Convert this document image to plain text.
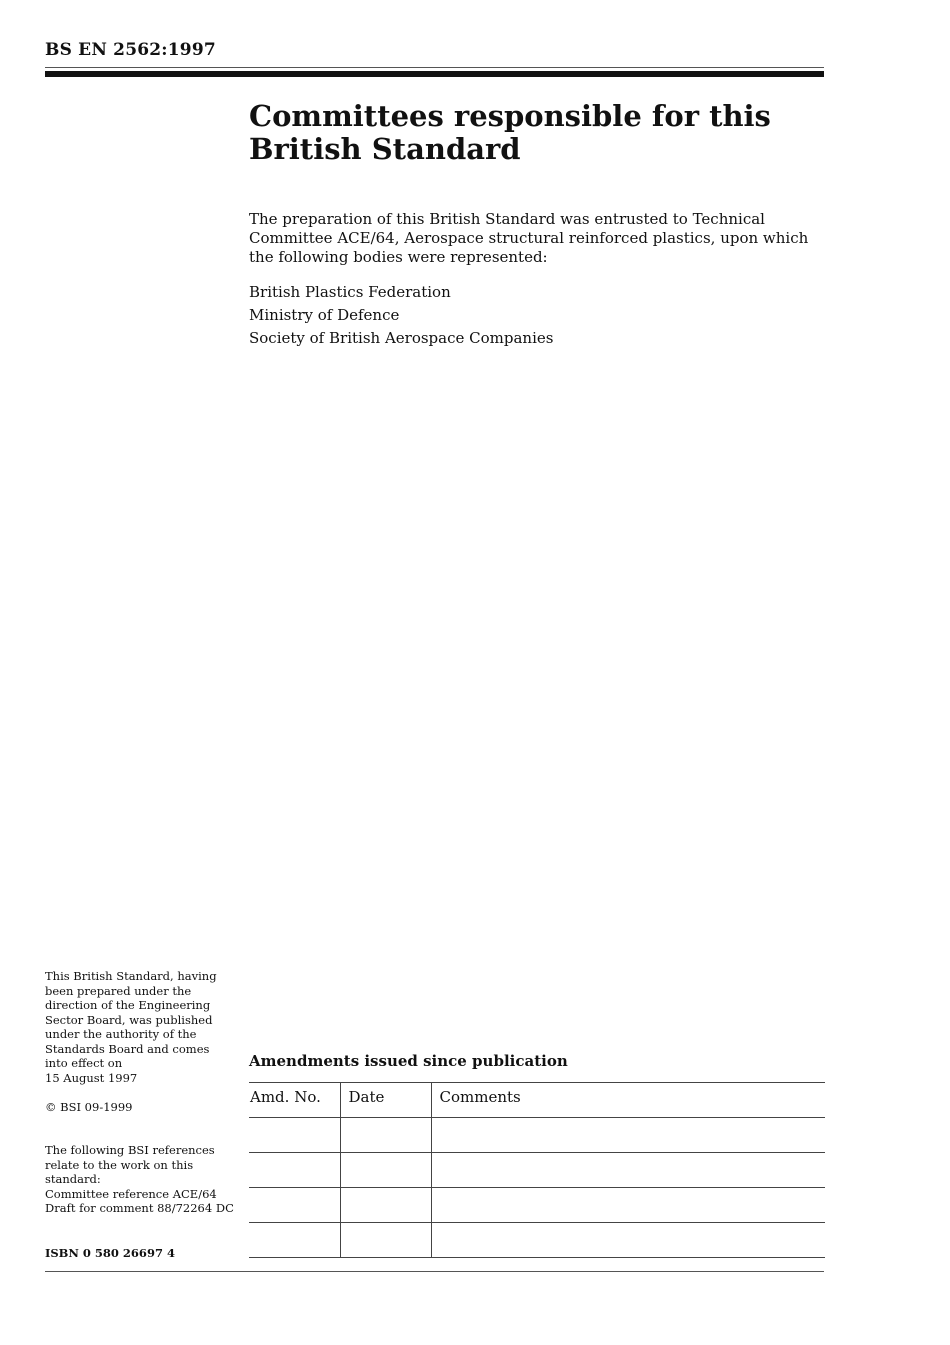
BS EN 2562:1997
Committees responsible for this
British Standard

The preparation of this British Standard was entrusted to Technical Committee ACE/64, Aerospace structural reinforced plastics, upon which the following bodies were represented:

British Plastics Federation
Ministry of Defence
Society of British Aerospace Companies

This British Standard, having
been prepared under the
direction of the Engineering
Sector Board, was published
under the authority of the
Standards Board and comes
into effect on
15 August 1997

© BSI 09-1999

The following BSI references
relate to the work on this
standard:
Committee reference ACE/64
Draft for comment 88/72264 DC

ISBN 0 580 26697 4

Amendments issued since publication
Amd. No.	Date	Comments
